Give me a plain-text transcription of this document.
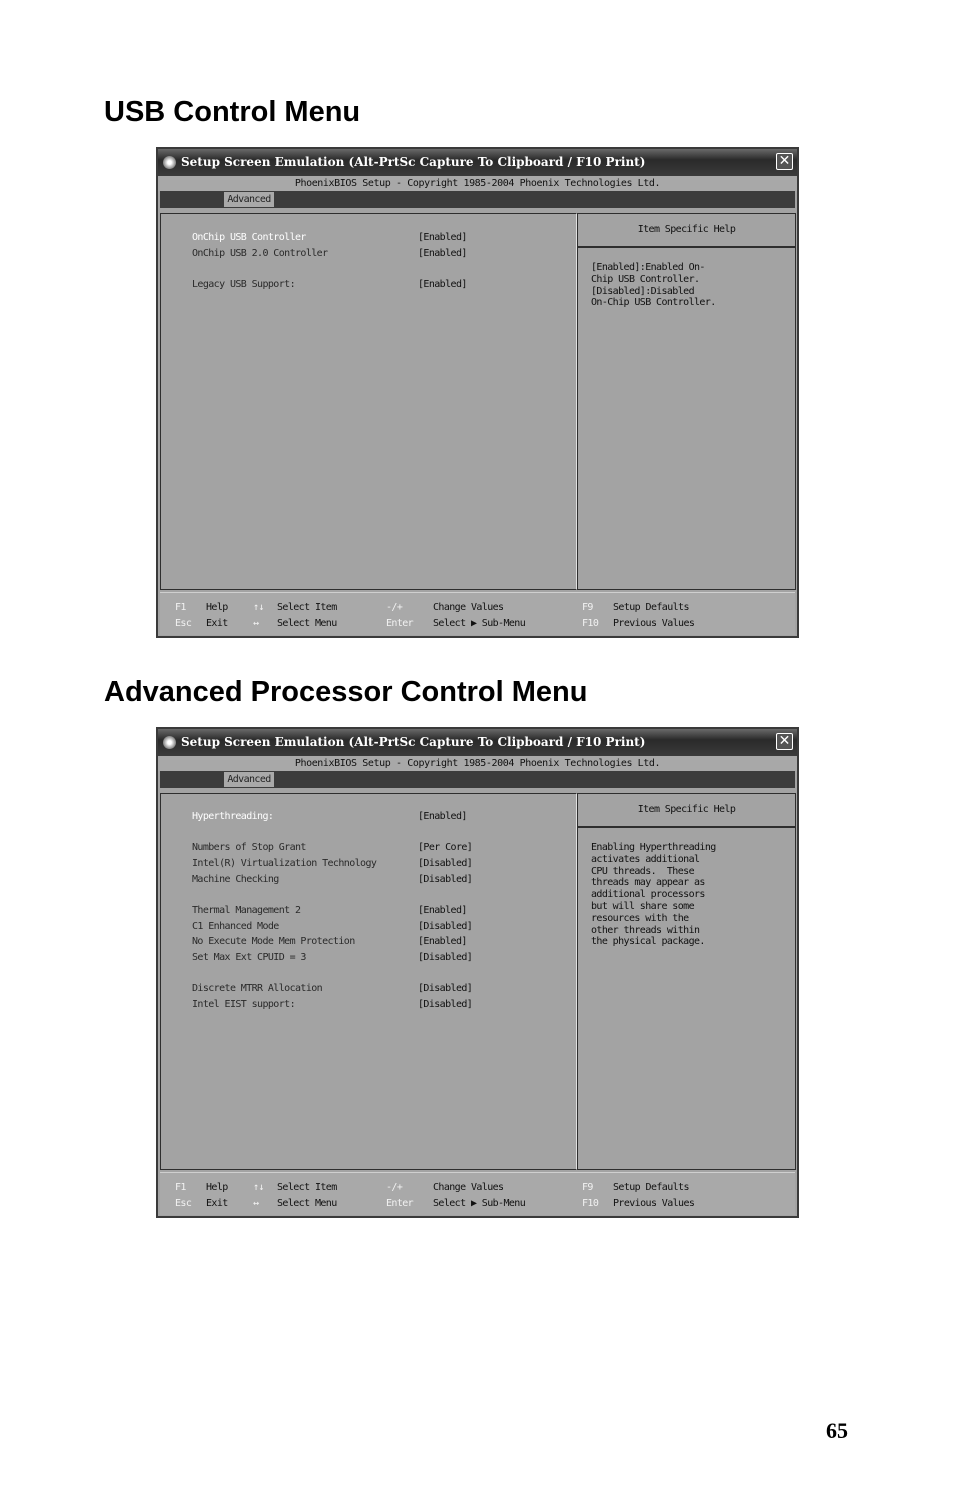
USB Control Menu
Setup Screen Emulation (Alt-PrtSc Capture To Clipboard / F10 Print)	✕
PhoenixBIOS Setup - Copyright 1985-2004 Phoenix Technologies Ltd.
Advanced
OnChip USB Controller	[Enabled]
OnChip USB 2.0 Controller	[Enabled]
Legacy USB Support:	[Enabled]
Item Specific Help
[Enabled]:Enabled On-
Chip USB Controller.
[Disabled]:Disabled
On-Chip USB Controller.
F1 Help	↑↓ Select Item	-/+	Change Values	F9 Setup Defaults
Esc Exit	↔ Select Menu	Enter Select ▶ Sub-Menu	F10 Previous Values
Advanced Processor Control Menu
Setup Screen Emulation (Alt-PrtSc Capture To Clipboard / F10 Print)	✕
PhoenixBIOS Setup - Copyright 1985-2004 Phoenix Technologies Ltd.
Advanced
Hyperthreading:	[Enabled]
Numbers of Stop Grant	[Per Core]
Intel(R) Virtualization Technology	[Disabled]
Machine Checking	[Disabled]
Thermal Management 2	[Enabled]
C1 Enhanced Mode	[Disabled]
No Execute Mode Mem Protection	[Enabled]
Set Max Ext CPUID = 3	[Disabled]
Discrete MTRR Allocation	[Disabled]
Intel EIST support:	[Disabled]
Item Specific Help
Enabling Hyperthreading
activates additional
CPU threads.  These
threads may appear as
additional processors
but will share some
resources with the
other threads within
the physical package.
F1 Help	↑↓ Select Item	-/+	Change Values	F9 Setup Defaults
Esc Exit	↔ Select Menu	Enter Select ▶ Sub-Menu	F10 Previous Values
65
